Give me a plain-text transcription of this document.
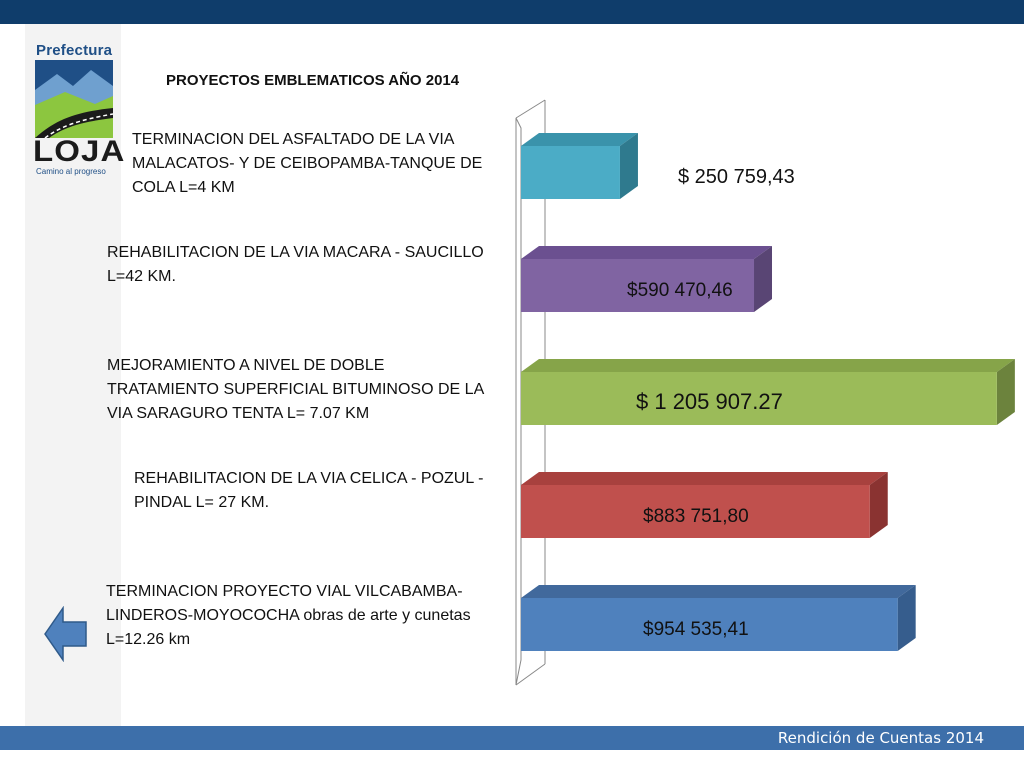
Prefectura
LOJA
Camino al progreso
PROYECTOS EMBLEMATICOS AÑO 2014
TERMINACION DEL ASFALTADO DE LA VIA
MALACATOS- Y DE CEIBOPAMBA-TANQUE DE
COLA L=4 KM
REHABILITACION DE LA VIA MACARA - SAUCILLO
L=42 KM.
MEJORAMIENTO A NIVEL DE DOBLE
TRATAMIENTO SUPERFICIAL BITUMINOSO DE LA
VIA SARAGURO TENTA L= 7.07 KM
REHABILITACION DE LA VIA CELICA - POZUL -
PINDAL L= 27 KM.
TERMINACION PROYECTO VIAL VILCABAMBA-
LINDEROS-MOYOCOCHA obras de arte y cunetas
L=12.26 km
$ 250 759,43
$590 470,46
$ 1 205 907.27
$883 751,80
$954 535,41
Rendición de Cuentas 2014
